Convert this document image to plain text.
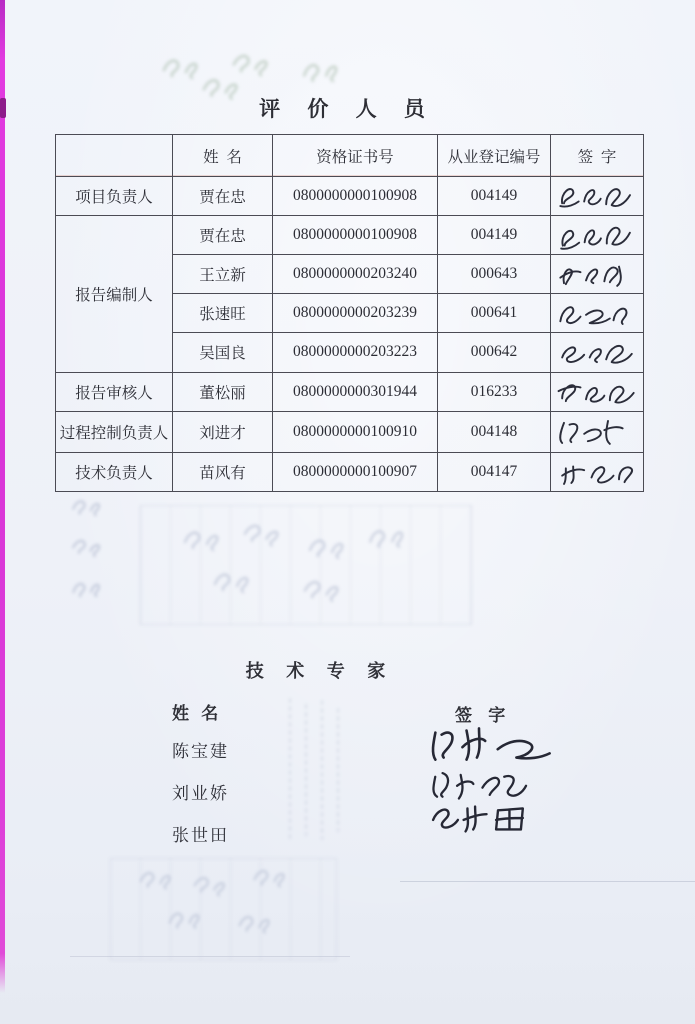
评 价 人 员
	姓  名	资格证书号	从业登记编号	签  字
项目负责人	贾在忠	0800000000100908	004149	

报告编制人	贾在忠	0800000000100908	004149	

	王立新	0800000000203240	000643	

	张速旺	0800000000203239	000641	

	吴国良	0800000000203223	000642	

报告审核人	董松丽	0800000000301944	016233	

过程控制负责人	刘进才	0800000000100910	004148	

技术负责人	苗风有	0800000000100907	004147	
技 术 专 家
姓 名	签 字
陈宝建
刘业娇
张世田
